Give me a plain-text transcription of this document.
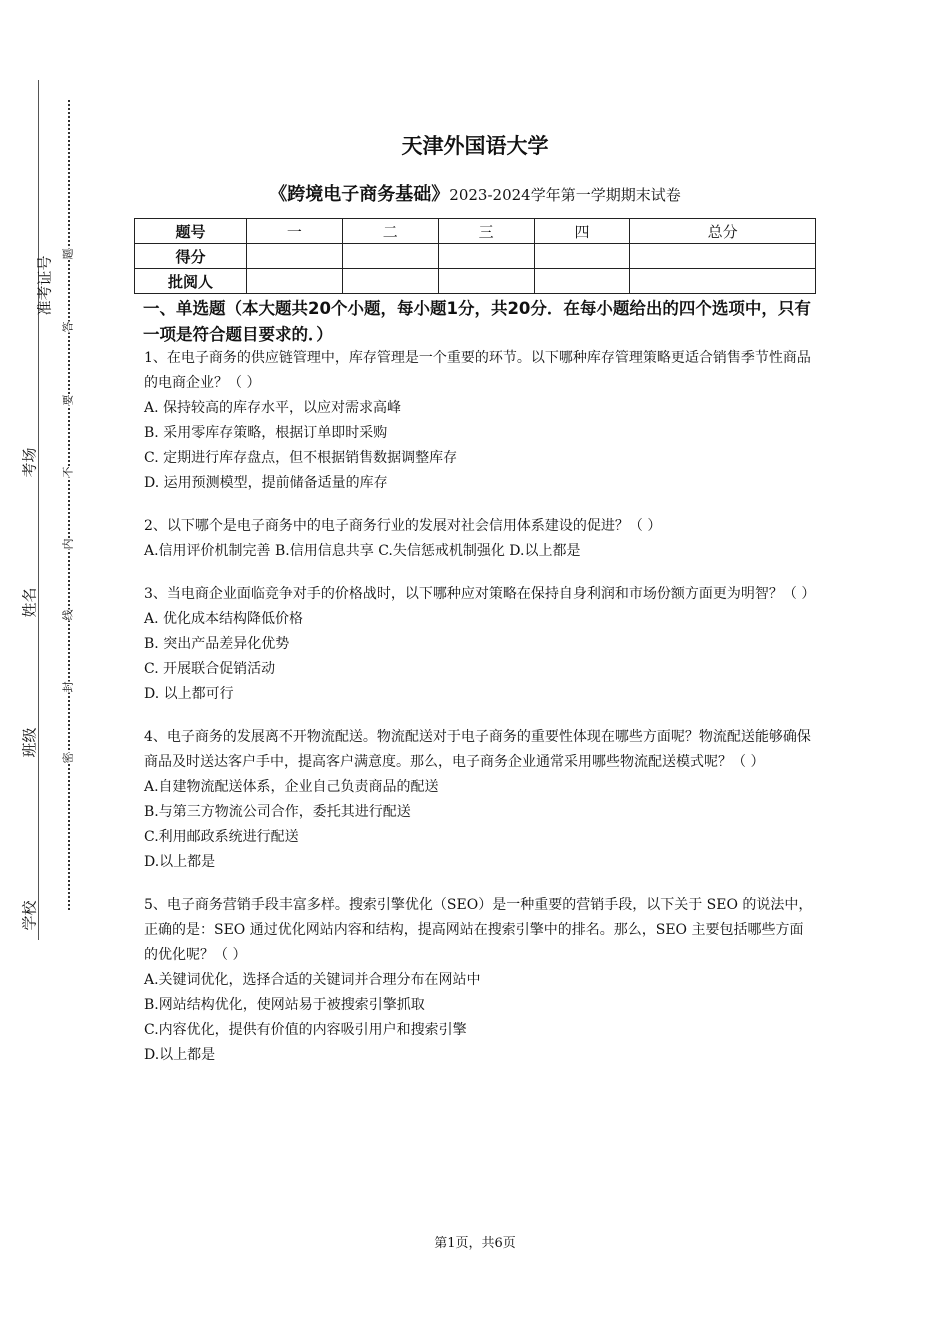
准考证号
考场
姓名
班级
学校
题
答
要
不
内
线
封
密
天津外国语大学
《跨境电子商务基础》2023-2024学年第一学期期末试卷
题号	一	二	三	四	总分
得分					
批阅人					
一、单选题（本大题共20个小题，每小题1分，共20分．在每小题给出的四个选项中，只有一项是符合题目要求的．）

1、在电子商务的供应链管理中，库存管理是一个重要的环节。以下哪种库存管理策略更适合销售季节性商品的电商企业？（ ）

A. 保持较高的库存水平，以应对需求高峰

B. 采用零库存策略，根据订单即时采购

C. 定期进行库存盘点，但不根据销售数据调整库存

D. 运用预测模型，提前储备适量的库存

2、以下哪个是电子商务中的电子商务行业的发展对社会信用体系建设的促进？（ ）

A.信用评价机制完善 B.信用信息共享 C.失信惩戒机制强化 D.以上都是

3、当电商企业面临竞争对手的价格战时，以下哪种应对策略在保持自身利润和市场份额方面更为明智？（ ）

A. 优化成本结构降低价格

B. 突出产品差异化优势

C. 开展联合促销活动

D. 以上都可行

4、电子商务的发展离不开物流配送。物流配送对于电子商务的重要性体现在哪些方面呢？物流配送能够确保商品及时送达客户手中，提高客户满意度。那么，电子商务企业通常采用哪些物流配送模式呢？（ ）

A.自建物流配送体系，企业自己负责商品的配送

B.与第三方物流公司合作，委托其进行配送

C.利用邮政系统进行配送

D.以上都是

5、电子商务营销手段丰富多样。搜索引擎优化（SEO）是一种重要的营销手段，以下关于 SEO 的说法中，正确的是：SEO 通过优化网站内容和结构，提高网站在搜索引擎中的排名。那么，SEO 主要包括哪些方面的优化呢？（ ）

A.关键词优化，选择合适的关键词并合理分布在网站中

B.网站结构优化，使网站易于被搜索引擎抓取

C.内容优化，提供有价值的内容吸引用户和搜索引擎

D.以上都是

第1页，共6页
